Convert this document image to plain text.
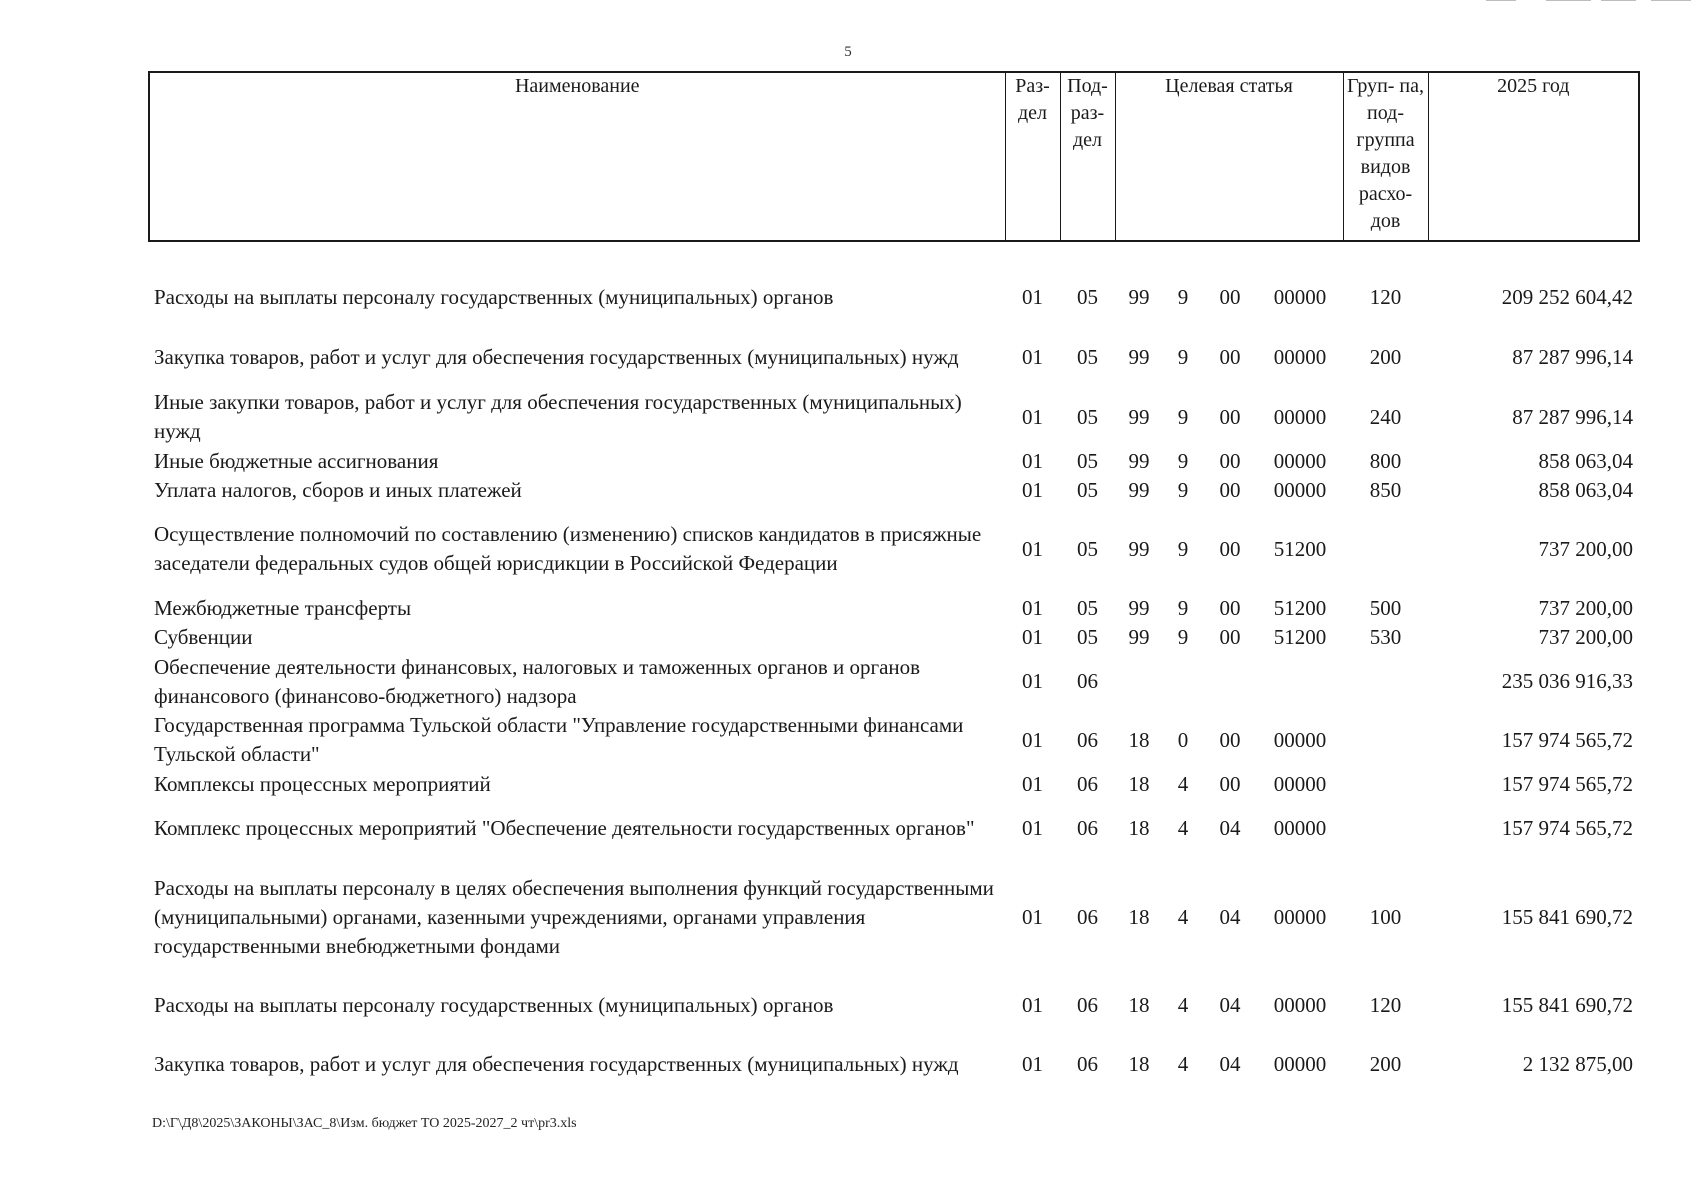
5
Наименование	Раз- дел	Под- раз- дел	Целевая статья				Груп- па, под- группа видов расхо- дов	2025 год

Расходы на выплаты персоналу государственных (муниципальных) органов	01	05	99	9	00	00000	120	209 252 604,42
Закупка товаров, работ и услуг для обеспечения государственных (муниципальных) нужд	01	05	99	9	00	00000	200	87 287 996,14
Иные закупки товаров, работ и услуг для обеспечения государственных (муниципальных) нужд	01	05	99	9	00	00000	240	87 287 996,14
Иные бюджетные ассигнования	01	05	99	9	00	00000	800	858 063,04
Уплата налогов, сборов и иных платежей	01	05	99	9	00	00000	850	858 063,04
Осуществление полномочий по составлению (изменению) списков кандидатов в присяжные заседатели федеральных судов общей юрисдикции в Российской Федерации	01	05	99	9	00	51200		737 200,00
Межбюджетные трансферты	01	05	99	9	00	51200	500	737 200,00
Субвенции	01	05	99	9	00	51200	530	737 200,00
Обеспечение деятельности финансовых, налоговых и таможенных органов и органов финансового (финансово-бюджетного) надзора	01	06						235 036 916,33
Государственная программа Тульской области "Управление государственными финансами Тульской области"	01	06	18	0	00	00000		157 974 565,72
Комплексы процессных мероприятий	01	06	18	4	00	00000		157 974 565,72
Комплекс процессных мероприятий "Обеспечение деятельности государственных органов"	01	06	18	4	04	00000		157 974 565,72
Расходы на выплаты персоналу в целях обеспечения выполнения функций государственными (муниципальными) органами, казенными учреждениями, органами управления государственными внебюджетными фондами	01	06	18	4	04	00000	100	155 841 690,72
Расходы на выплаты персоналу государственных (муниципальных) органов	01	06	18	4	04	00000	120	155 841 690,72
Закупка товаров, работ и услуг для обеспечения государственных (муниципальных) нужд	01	06	18	4	04	00000	200	2 132 875,00
D:\Г\Д8\2025\ЗАКОНЫ\ЗАС_8\Изм. бюджет ТО 2025-2027_2 чт\pr3.xls
